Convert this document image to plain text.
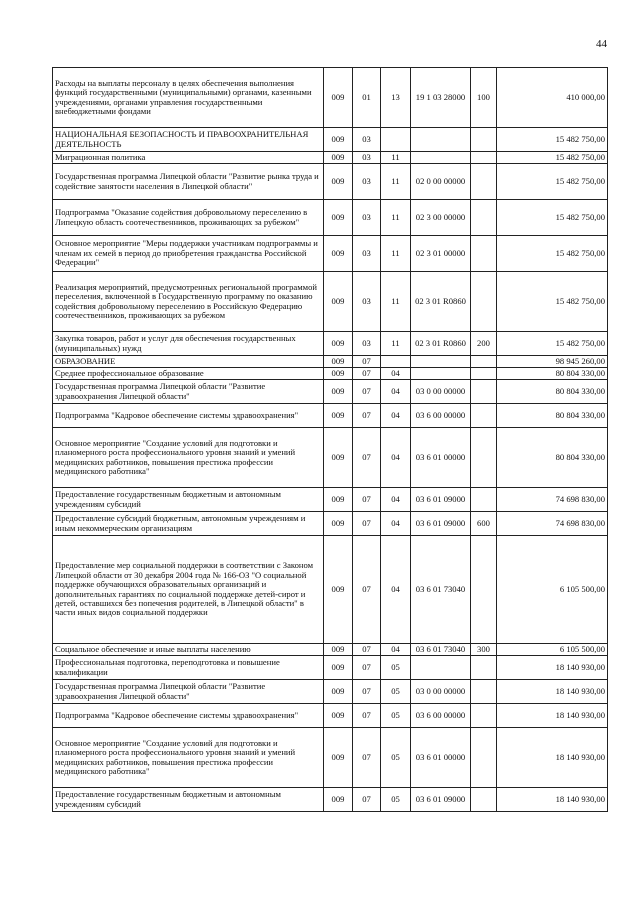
44
Расходы на выплаты персоналу в целях обеспечения выполнения функций государственными (муниципальными) органами, казенными учреждениями, органами управления государственными внебюджетными фондами	009	01	13	19 1 03 28000	100	410 000,00
НАЦИОНАЛЬНАЯ БЕЗОПАСНОСТЬ И ПРАВООХРАНИТЕЛЬНАЯ ДЕЯТЕЛЬНОСТЬ	009	03				15 482 750,00
Миграционная политика	009	03	11			15 482 750,00
Государственная программа Липецкой области "Развитие рынка труда и содействие занятости населения в Липецкой области"	009	03	11	02 0 00 00000		15 482 750,00
Подпрограмма "Оказание содействия добровольному переселению в Липецкую область соотечественников, проживающих за рубежом"	009	03	11	02 3 00 00000		15 482 750,00
Основное мероприятие "Меры поддержки участникам подпрограммы и членам их семей в период до приобретения гражданства Российской Федерации"	009	03	11	02 3 01 00000		15 482 750,00
Реализация мероприятий, предусмотренных региональной программой переселения, включенной в Государственную программу по оказанию содействия добровольному переселению в Российскую Федерацию соотечественников, проживающих за рубежом	009	03	11	02 3 01 R0860		15 482 750,00
Закупка товаров, работ и услуг для обеспечения государственных (муниципальных) нужд	009	03	11	02 3 01 R0860	200	15 482 750,00
ОБРАЗОВАНИЕ	009	07				98 945 260,00
Среднее профессиональное образование	009	07	04			80 804 330,00
Государственная программа Липецкой области "Развитие здравоохранения Липецкой области"	009	07	04	03 0 00 00000		80 804 330,00
Подпрограмма "Кадровое обеспечение системы здравоохранения"	009	07	04	03 6 00 00000		80 804 330,00
Основное мероприятие "Создание условий для подготовки и планомерного роста профессионального уровня знаний и умений медицинских работников, повышения престижа профессии медицинского работника"	009	07	04	03 6 01 00000		80 804 330,00
Предоставление государственным бюджетным и автономным учреждениям субсидий	009	07	04	03 6 01 09000		74 698 830,00
Предоставление субсидий бюджетным, автономным учреждениям и иным некоммерческим организациям	009	07	04	03 6 01 09000	600	74 698 830,00
Предоставление мер социальной поддержки в соответствии с Законом Липецкой области от 30 декабря 2004 года № 166-ОЗ "О социальной поддержке обучающихся образовательных организаций и дополнительных гарантиях по социальной поддержке детей-сирот и детей, оставшихся без попечения родителей, в Липецкой области" в части иных видов социальной поддержки	009	07	04	03 6 01 73040		6 105 500,00
Социальное обеспечение и иные выплаты населению	009	07	04	03 6 01 73040	300	6 105 500,00
Профессиональная подготовка, переподготовка и повышение квалификации	009	07	05			18 140 930,00
Государственная программа Липецкой области "Развитие здравоохранения Липецкой области"	009	07	05	03 0 00 00000		18 140 930,00
Подпрограмма "Кадровое обеспечение системы здравоохранения"	009	07	05	03 6 00 00000		18 140 930,00
Основное мероприятие "Создание условий для подготовки и планомерного роста профессионального уровня знаний и умений медицинских работников, повышения престижа профессии медицинского работника"	009	07	05	03 6 01 00000		18 140 930,00
Предоставление государственным бюджетным и автономным учреждениям субсидий	009	07	05	03 6 01 09000		18 140 930,00
